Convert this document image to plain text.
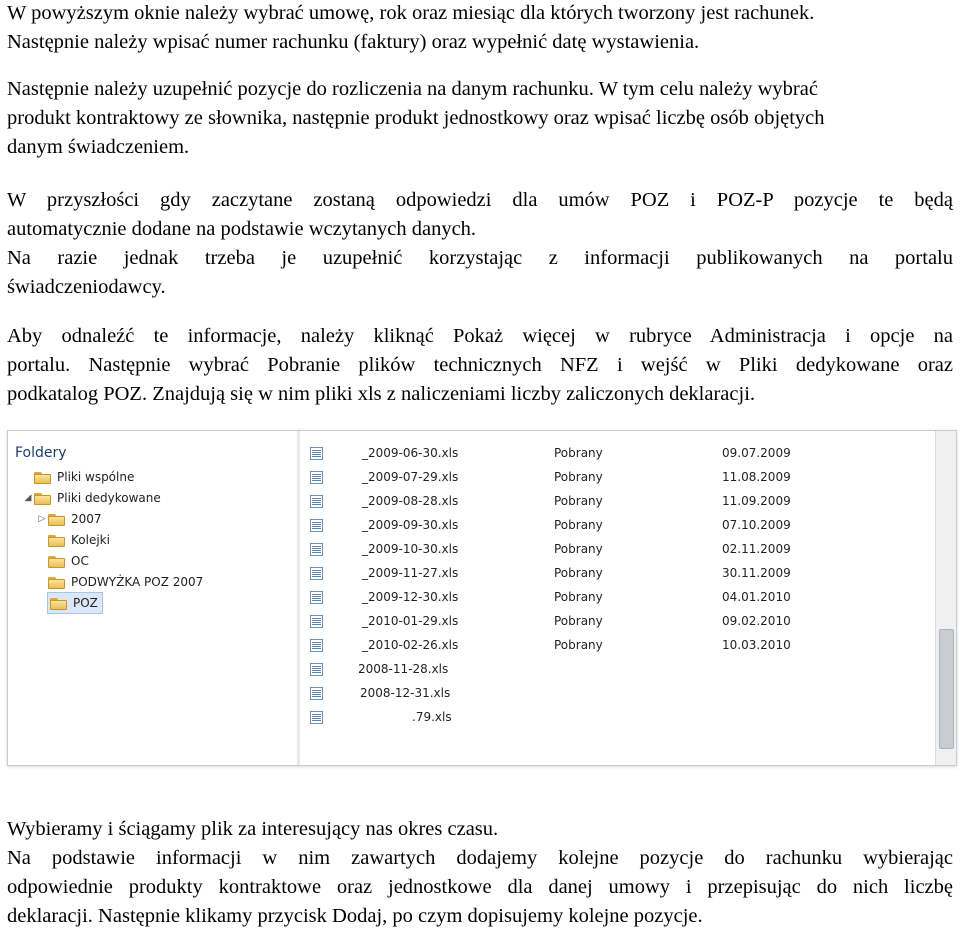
W powyższym oknie należy wybrać umowę, rok oraz miesiąc dla których tworzony jest rachunek.
Następnie należy wpisać numer rachunku (faktury) oraz wypełnić datę wystawienia.
Następnie należy uzupełnić pozycje do rozliczenia na danym rachunku. W tym celu należy wybrać
produkt kontraktowy ze słownika, następnie produkt jednostkowy oraz wpisać liczbę osób objętych
danym świadczeniem.
W przyszłości gdy zaczytane zostaną odpowiedzi dla umów POZ i POZ-P pozycje te będą
automatycznie dodane na podstawie wczytanych danych.
Na razie jednak trzeba je uzupełnić korzystając z informacji publikowanych na portalu
świadczeniodawcy.
Aby odnaleźć te informacje, należy kliknąć Pokaż więcej w rubryce Administracja i opcje na
portalu. Następnie wybrać Pobranie plików technicznych NFZ i wejść w Pliki dedykowane oraz
podkatalog POZ. Znajdują się w nim pliki xls z naliczeniami liczby zaliczonych deklaracji.
Foldery
Pliki wspólne
◢ Pliki dedykowane
▷ 2007
Kolejki
OC
PODWYŻKA POZ 2007
POZ
_2009-06-30.xls	Pobrany	09.07.2009
_2009-07-29.xls	Pobrany	11.08.2009
_2009-08-28.xls	Pobrany	11.09.2009
_2009-09-30.xls	Pobrany	07.10.2009
_2009-10-30.xls	Pobrany	02.11.2009
_2009-11-27.xls	Pobrany	30.11.2009
_2009-12-30.xls	Pobrany	04.01.2010
_2010-01-29.xls	Pobrany	09.02.2010
_2010-02-26.xls	Pobrany	10.03.2010
2008-11-28.xls
2008-12-31.xls
.79.xls
Wybieramy i ściągamy plik za interesujący nas okres czasu.
Na podstawie informacji w nim zawartych dodajemy kolejne pozycje do rachunku wybierając
odpowiednie produkty kontraktowe oraz jednostkowe dla danej umowy i przepisując do nich liczbę
deklaracji. Następnie klikamy przycisk Dodaj, po czym dopisujemy kolejne pozycje.
